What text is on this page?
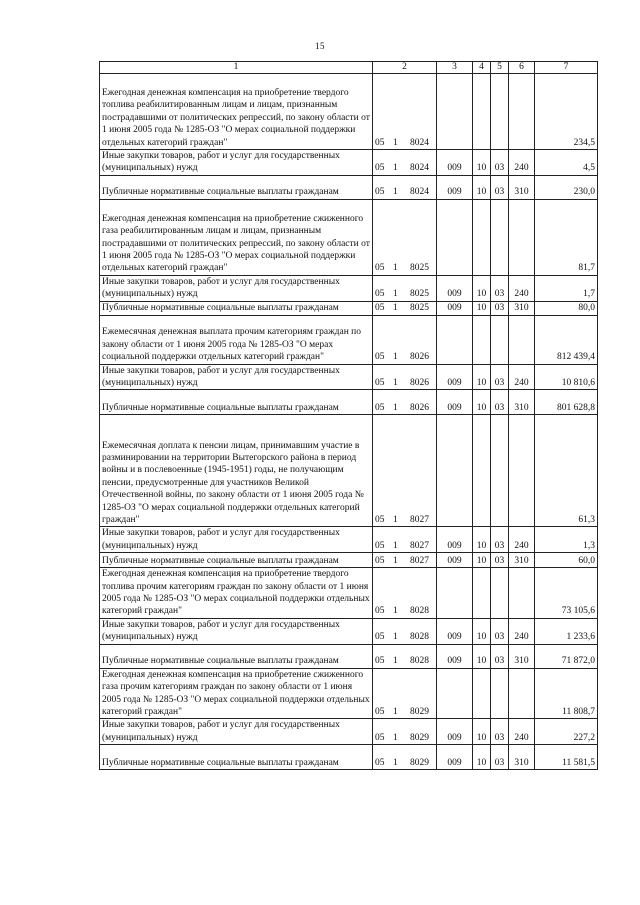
15
1	2	3	4	5	6	7
Ежегодная денежная компенсация на приобретение твердого топлива реабилитированным лицам и лицам, признанным пострадавшими от политических репрессий, по закону области от 1 июня 2005 года № 1285-ОЗ "О мерах социальной поддержки отдельных категорий граждан"	05 1 8024					234,5
Иные закупки товаров, работ и услуг для государственных (муниципальных) нужд	05 1 8024	009	10	03	240	4,5
Публичные нормативные социальные выплаты гражданам	05 1 8024	009	10	03	310	230,0
Ежегодная денежная компенсация на приобретение сжиженного газа реабилитированным лицам и лицам, признанным пострадавшими от политических репрессий, по закону области от 1 июня 2005 года № 1285-ОЗ "О мерах социальной поддержки отдельных категорий граждан"	05 1 8025					81,7
Иные закупки товаров, работ и услуг для государственных (муниципальных) нужд	05 1 8025	009	10	03	240	1,7
Публичные нормативные социальные выплаты гражданам	05 1 8025	009	10	03	310	80,0
Ежемесячная денежная выплата прочим категориям граждан по закону области от 1 июня 2005 года № 1285-ОЗ "О мерах социальной поддержки отдельных категорий граждан"	05 1 8026					812 439,4
Иные закупки товаров, работ и услуг для государственных (муниципальных) нужд	05 1 8026	009	10	03	240	10 810,6
Публичные нормативные социальные выплаты гражданам	05 1 8026	009	10	03	310	801 628,8
Ежемесячная доплата к пенсии лицам, принимавшим участие в разминировании на территории Вытегорского района в период войны и в послевоенные (1945-1951) годы, не получающим пенсии, предусмотренные для участников Великой Отечественной войны, по закону области от 1 июня 2005 года № 1285-ОЗ "О мерах социальной поддержки отдельных категорий граждан"	05 1 8027					61,3
Иные закупки товаров, работ и услуг для государственных (муниципальных) нужд	05 1 8027	009	10	03	240	1,3
Публичные нормативные социальные выплаты гражданам	05 1 8027	009	10	03	310	60,0
Ежегодная денежная компенсация на приобретение твердого топлива прочим категориям граждан по закону области от 1 июня 2005 года № 1285-ОЗ "О мерах социальной поддержки отдельных категорий граждан"	05 1 8028					73 105,6
Иные закупки товаров, работ и услуг для государственных (муниципальных) нужд	05 1 8028	009	10	03	240	1 233,6
Публичные нормативные социальные выплаты гражданам	05 1 8028	009	10	03	310	71 872,0
Ежегодная денежная компенсация на приобретение сжиженного газа прочим категориям граждан по закону области от 1 июня 2005 года № 1285-ОЗ "О мерах социальной поддержки отдельных категорий граждан"	05 1 8029					11 808,7
Иные закупки товаров, работ и услуг для государственных (муниципальных) нужд	05 1 8029	009	10	03	240	227,2
Публичные нормативные социальные выплаты гражданам	05 1 8029	009	10	03	310	11 581,5
